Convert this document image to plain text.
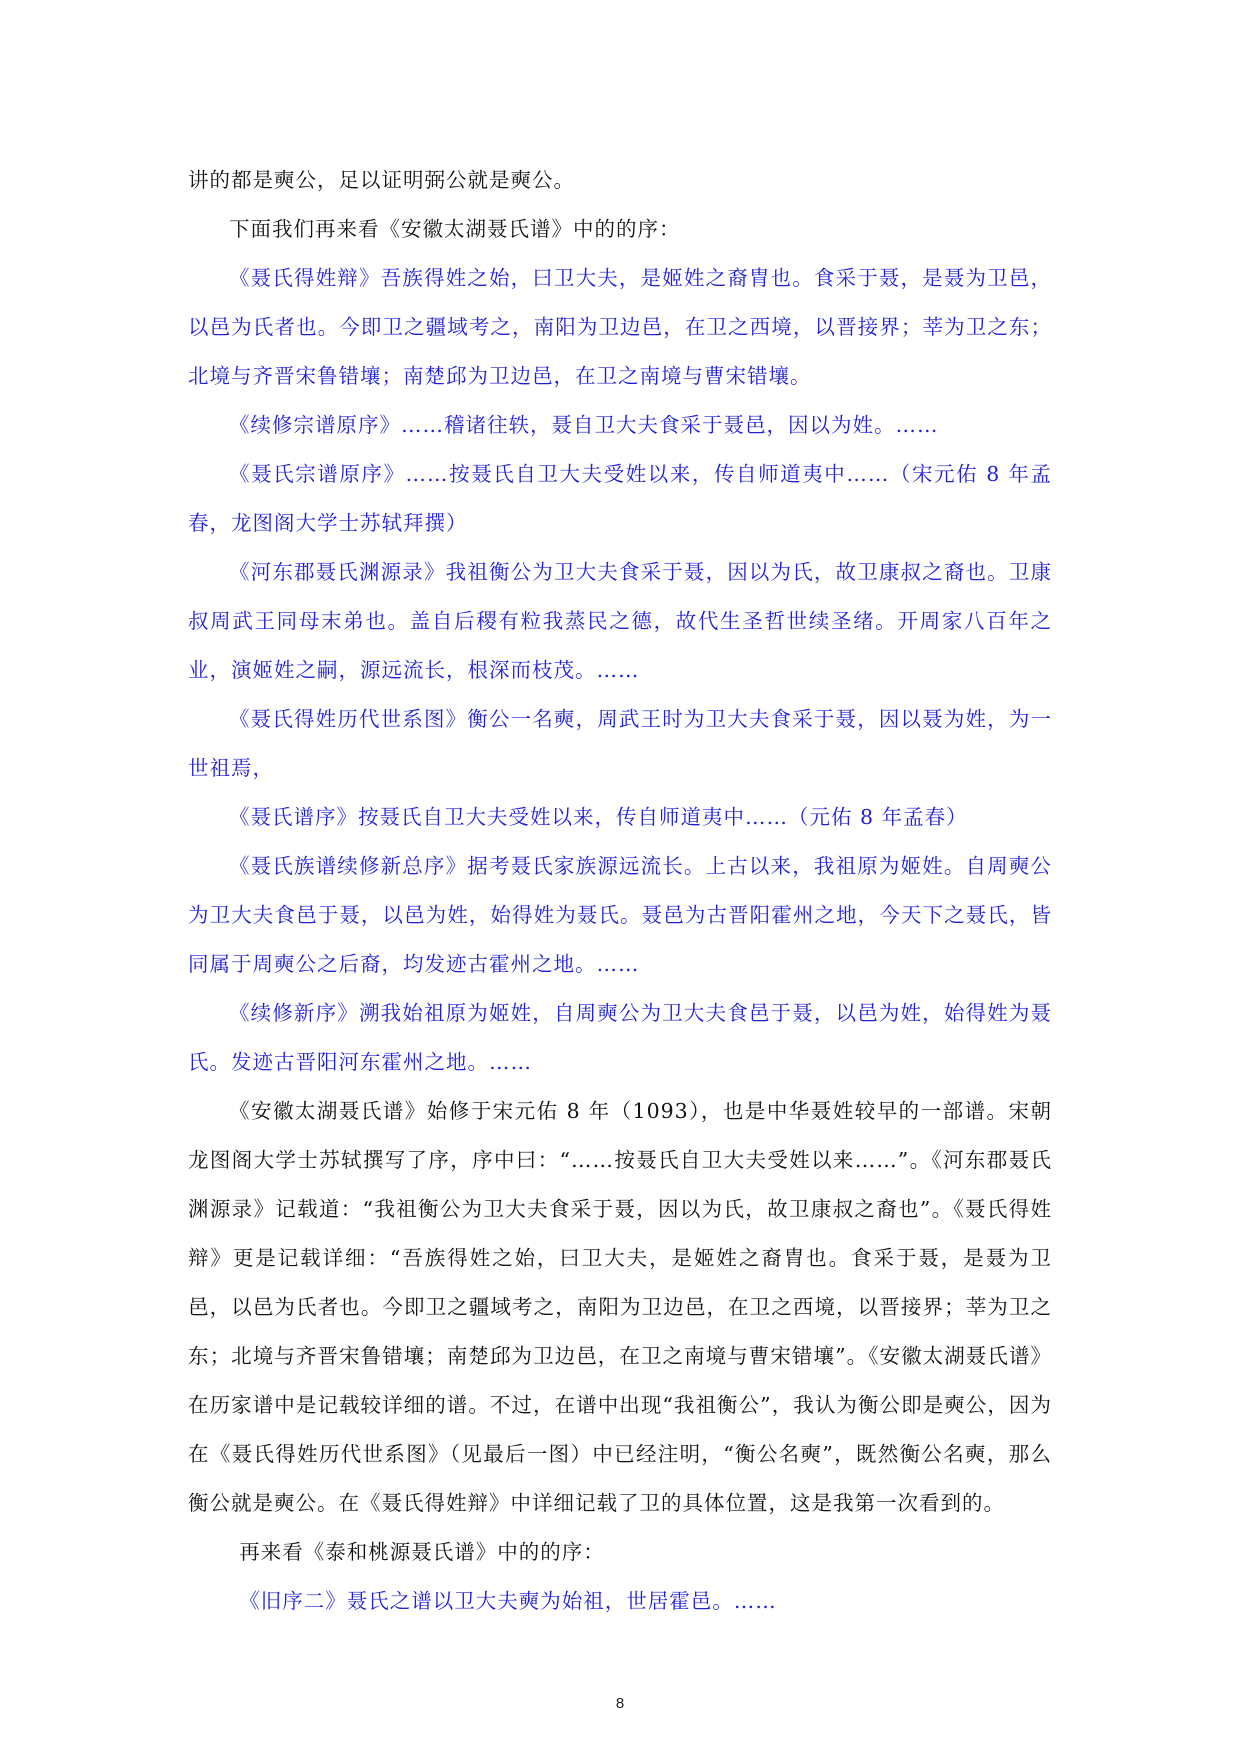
讲的都是奭公，足以证明弼公就是奭公。

下面我们再来看《安徽太湖聂氏谱》中的的序：

《聂氏得姓辩》吾族得姓之始，曰卫大夫，是姬姓之裔胄也。食采于聂，是聂为卫邑，以邑为氏者也。今即卫之疆域考之，南阳为卫边邑，在卫之西境，以晋接界；莘为卫之东；北境与齐晋宋鲁错壤；南楚邱为卫边邑，在卫之南境与曹宋错壤。

《续修宗谱原序》……稽诸往轶，聂自卫大夫食采于聂邑，因以为姓。……

《聂氏宗谱原序》……按聂氏自卫大夫受姓以来，传自师道夷中……（宋元佑 8 年孟春，龙图阁大学士苏轼拜撰）

《河东郡聂氏渊源录》我祖衡公为卫大夫食采于聂，因以为氏，故卫康叔之裔也。卫康叔周武王同母末弟也。盖自后稷有粒我蒸民之德，故代生圣哲世续圣绪。开周家八百年之业，演姬姓之嗣，源远流长，根深而枝茂。……

《聂氏得姓历代世系图》衡公一名奭，周武王时为卫大夫食采于聂，因以聂为姓，为一世祖焉，

《聂氏谱序》按聂氏自卫大夫受姓以来，传自师道夷中……（元佑 8 年孟春）

《聂氏族谱续修新总序》据考聂氏家族源远流长。上古以来，我祖原为姬姓。自周奭公为卫大夫食邑于聂，以邑为姓，始得姓为聂氏。聂邑为古晋阳霍州之地，今天下之聂氏，皆同属于周奭公之后裔，均发迹古霍州之地。……

《续修新序》溯我始祖原为姬姓，自周奭公为卫大夫食邑于聂，以邑为姓，始得姓为聂氏。发迹古晋阳河东霍州之地。……

《安徽太湖聂氏谱》始修于宋元佑 8 年（1093），也是中华聂姓较早的一部谱。宋朝龙图阁大学士苏轼撰写了序，序中曰：“……按聂氏自卫大夫受姓以来……”。《河东郡聂氏渊源录》记载道：“我祖衡公为卫大夫食采于聂，因以为氏，故卫康叔之裔也”。《聂氏得姓辩》更是记载详细：“吾族得姓之始，曰卫大夫，是姬姓之裔胄也。食采于聂，是聂为卫邑，以邑为氏者也。今即卫之疆域考之，南阳为卫边邑，在卫之西境，以晋接界；莘为卫之东；北境与齐晋宋鲁错壤；南楚邱为卫边邑，在卫之南境与曹宋错壤”。《安徽太湖聂氏谱》在历家谱中是记载较详细的谱。不过，在谱中出现“我祖衡公”，我认为衡公即是奭公，因为在《聂氏得姓历代世系图》（见最后一图）中已经注明，“衡公名奭”，既然衡公名奭，那么衡公就是奭公。在《聂氏得姓辩》中详细记载了卫的具体位置，这是我第一次看到的。

再来看《泰和桃源聂氏谱》中的的序：

《旧序二》聂氏之谱以卫大夫奭为始祖，世居霍邑。……

8
